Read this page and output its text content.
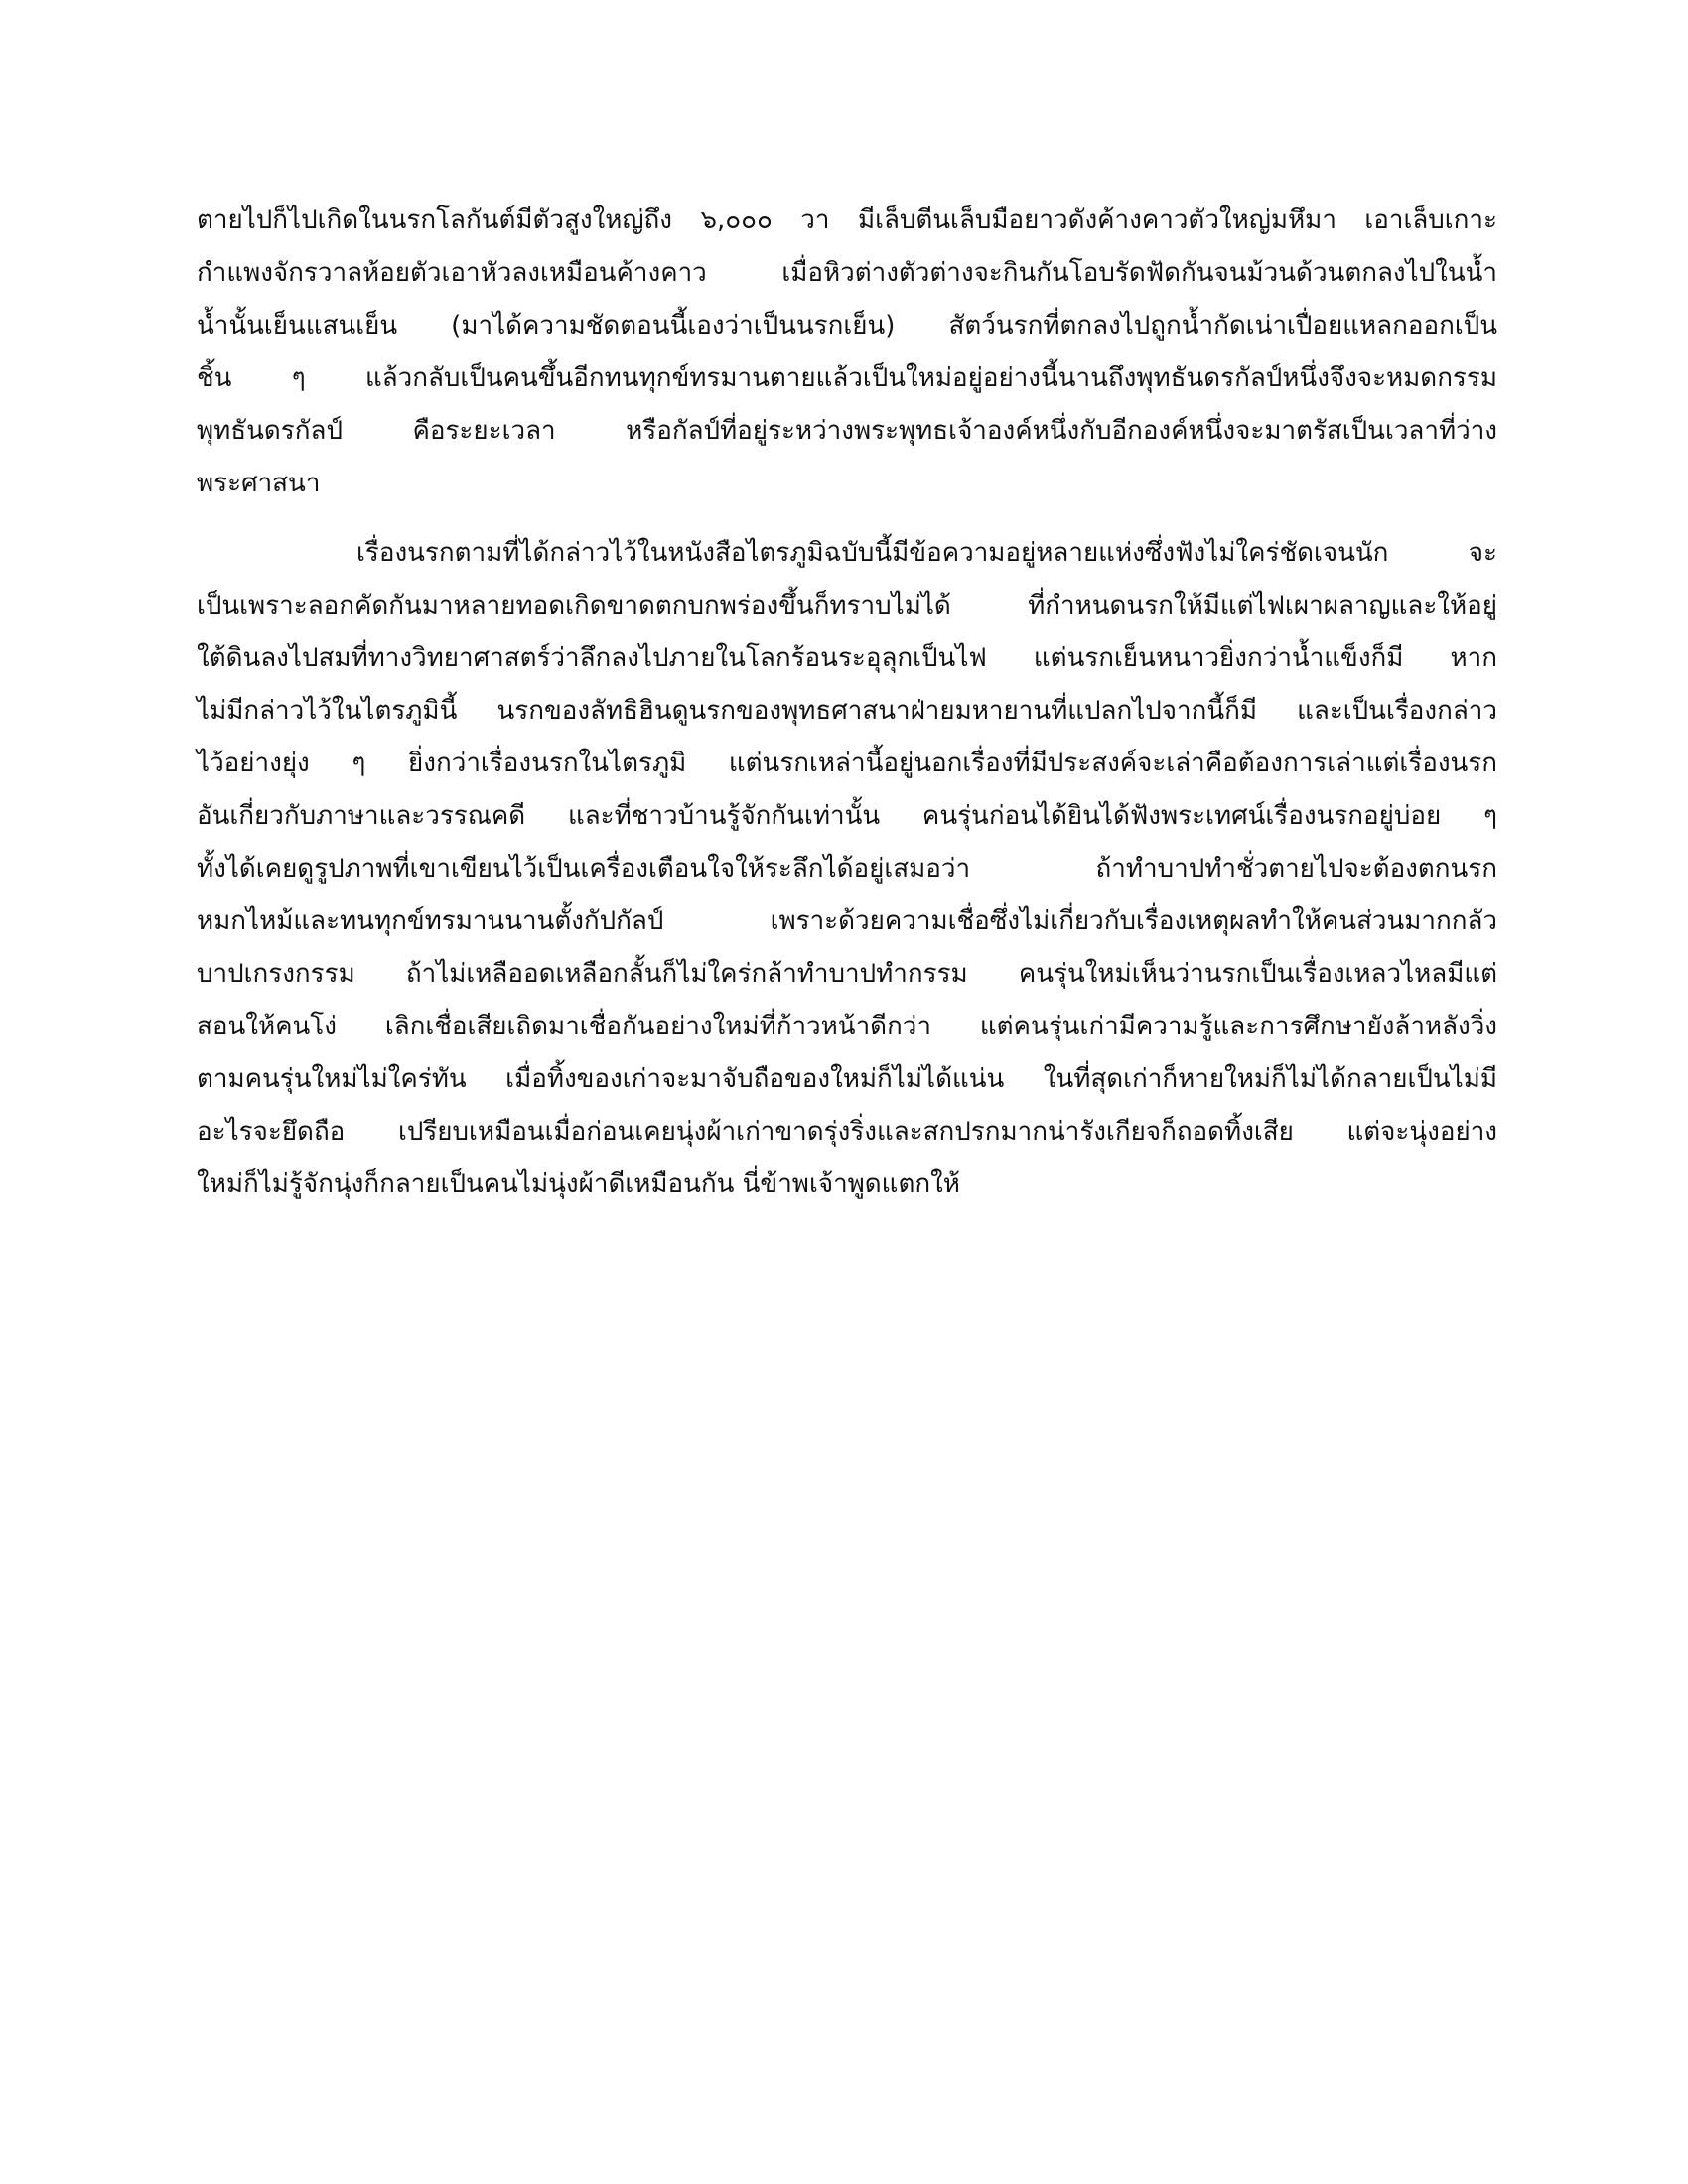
ตายไปก็ไปเกิดในนรกโลกันต์มีตัวสูงใหญ่ถึง ๖,๐๐๐ วา มีเล็บตีนเล็บมือยาวดังค้างคาวตัวใหญ่มหึมา เอาเล็บเกาะ
กำแพงจักรวาลห้อยตัวเอาหัวลงเหมือนค้างคาว เมื่อหิวต่างตัวต่างจะกินกันโอบรัดฟัดกันจนม้วนด้วนตกลงไปในน้ำ
น้ำนั้นเย็นแสนเย็น (มาได้ความชัดตอนนี้เองว่าเป็นนรกเย็น) สัตว์นรกที่ตกลงไปถูกน้ำกัดเน่าเปื่อยแหลกออกเป็น
ชิ้น ๆ แล้วกลับเป็นคนขึ้นอีกทนทุกข์ทรมานตายแล้วเป็นใหม่อยู่อย่างนี้นานถึงพุทธันดรกัลป์หนึ่งจึงจะหมดกรรม
พุทธันดรกัลป์ คือระยะเวลา หรือกัลป์ที่อยู่ระหว่างพระพุทธเจ้าองค์หนึ่งกับอีกองค์หนึ่งจะมาตรัสเป็นเวลาที่ว่าง
พระศาสนา

เรื่องนรกตามที่ได้กล่าวไว้ในหนังสือไตรภูมิฉบับนี้มีข้อความอยู่หลายแห่งซึ่งฟังไม่ใคร่ชัดเจนนัก จะ
เป็นเพราะลอกคัดกันมาหลายทอดเกิดขาดตกบกพร่องขึ้นก็ทราบไม่ได้ ที่กำหนดนรกให้มีแต่ไฟเผาผลาญและให้อยู่
ใต้ดินลงไปสมที่ทางวิทยาศาสตร์ว่าลึกลงไปภายในโลกร้อนระอุลุกเป็นไฟ แต่นรกเย็นหนาวยิ่งกว่าน้ำแข็งก็มี หาก
ไม่มีกล่าวไว้ในไตรภูมินี้ นรกของลัทธิฮินดูนรกของพุทธศาสนาฝ่ายมหายานที่แปลกไปจากนี้ก็มี และเป็นเรื่องกล่าว
ไว้อย่างยุ่ง ๆ ยิ่งกว่าเรื่องนรกในไตรภูมิ แต่นรกเหล่านี้อยู่นอกเรื่องที่มีประสงค์จะเล่าคือต้องการเล่าแต่เรื่องนรก
อันเกี่ยวกับภาษาและวรรณคดี และที่ชาวบ้านรู้จักกันเท่านั้น คนรุ่นก่อนได้ยินได้ฟังพระเทศน์เรื่องนรกอยู่บ่อย ๆ
ทั้งได้เคยดูรูปภาพที่เขาเขียนไว้เป็นเครื่องเตือนใจให้ระลึกได้อยู่เสมอว่า ถ้าทำบาปทำชั่วตายไปจะต้องตกนรก
หมกไหม้และทนทุกข์ทรมานนานตั้งกัปกัลป์ เพราะด้วยความเชื่อซึ่งไม่เกี่ยวกับเรื่องเหตุผลทำให้คนส่วนมากกลัว
บาปเกรงกรรม ถ้าไม่เหลืออดเหลือกลั้นก็ไม่ใคร่กล้าทำบาปทำกรรม คนรุ่นใหม่เห็นว่านรกเป็นเรื่องเหลวไหลมีแต่
สอนให้คนโง่ เลิกเชื่อเสียเถิดมาเชื่อกันอย่างใหม่ที่ก้าวหน้าดีกว่า แต่คนรุ่นเก่ามีความรู้และการศึกษายังล้าหลังวิ่ง
ตามคนรุ่นใหม่ไม่ใคร่ทัน เมื่อทิ้งของเก่าจะมาจับถือของใหม่ก็ไม่ได้แน่น ในที่สุดเก่าก็หายใหม่ก็ไม่ได้กลายเป็นไม่มี
อะไรจะยึดถือ เปรียบเหมือนเมื่อก่อนเคยนุ่งผ้าเก่าขาดรุ่งริ่งและสกปรกมากน่ารังเกียจก็ถอดทิ้งเสีย แต่จะนุ่งอย่าง
ใหม่ก็ไม่รู้จักนุ่งก็กลายเป็นคนไม่นุ่งผ้าดีเหมือนกัน นี่ข้าพเจ้าพูดแตกให้
